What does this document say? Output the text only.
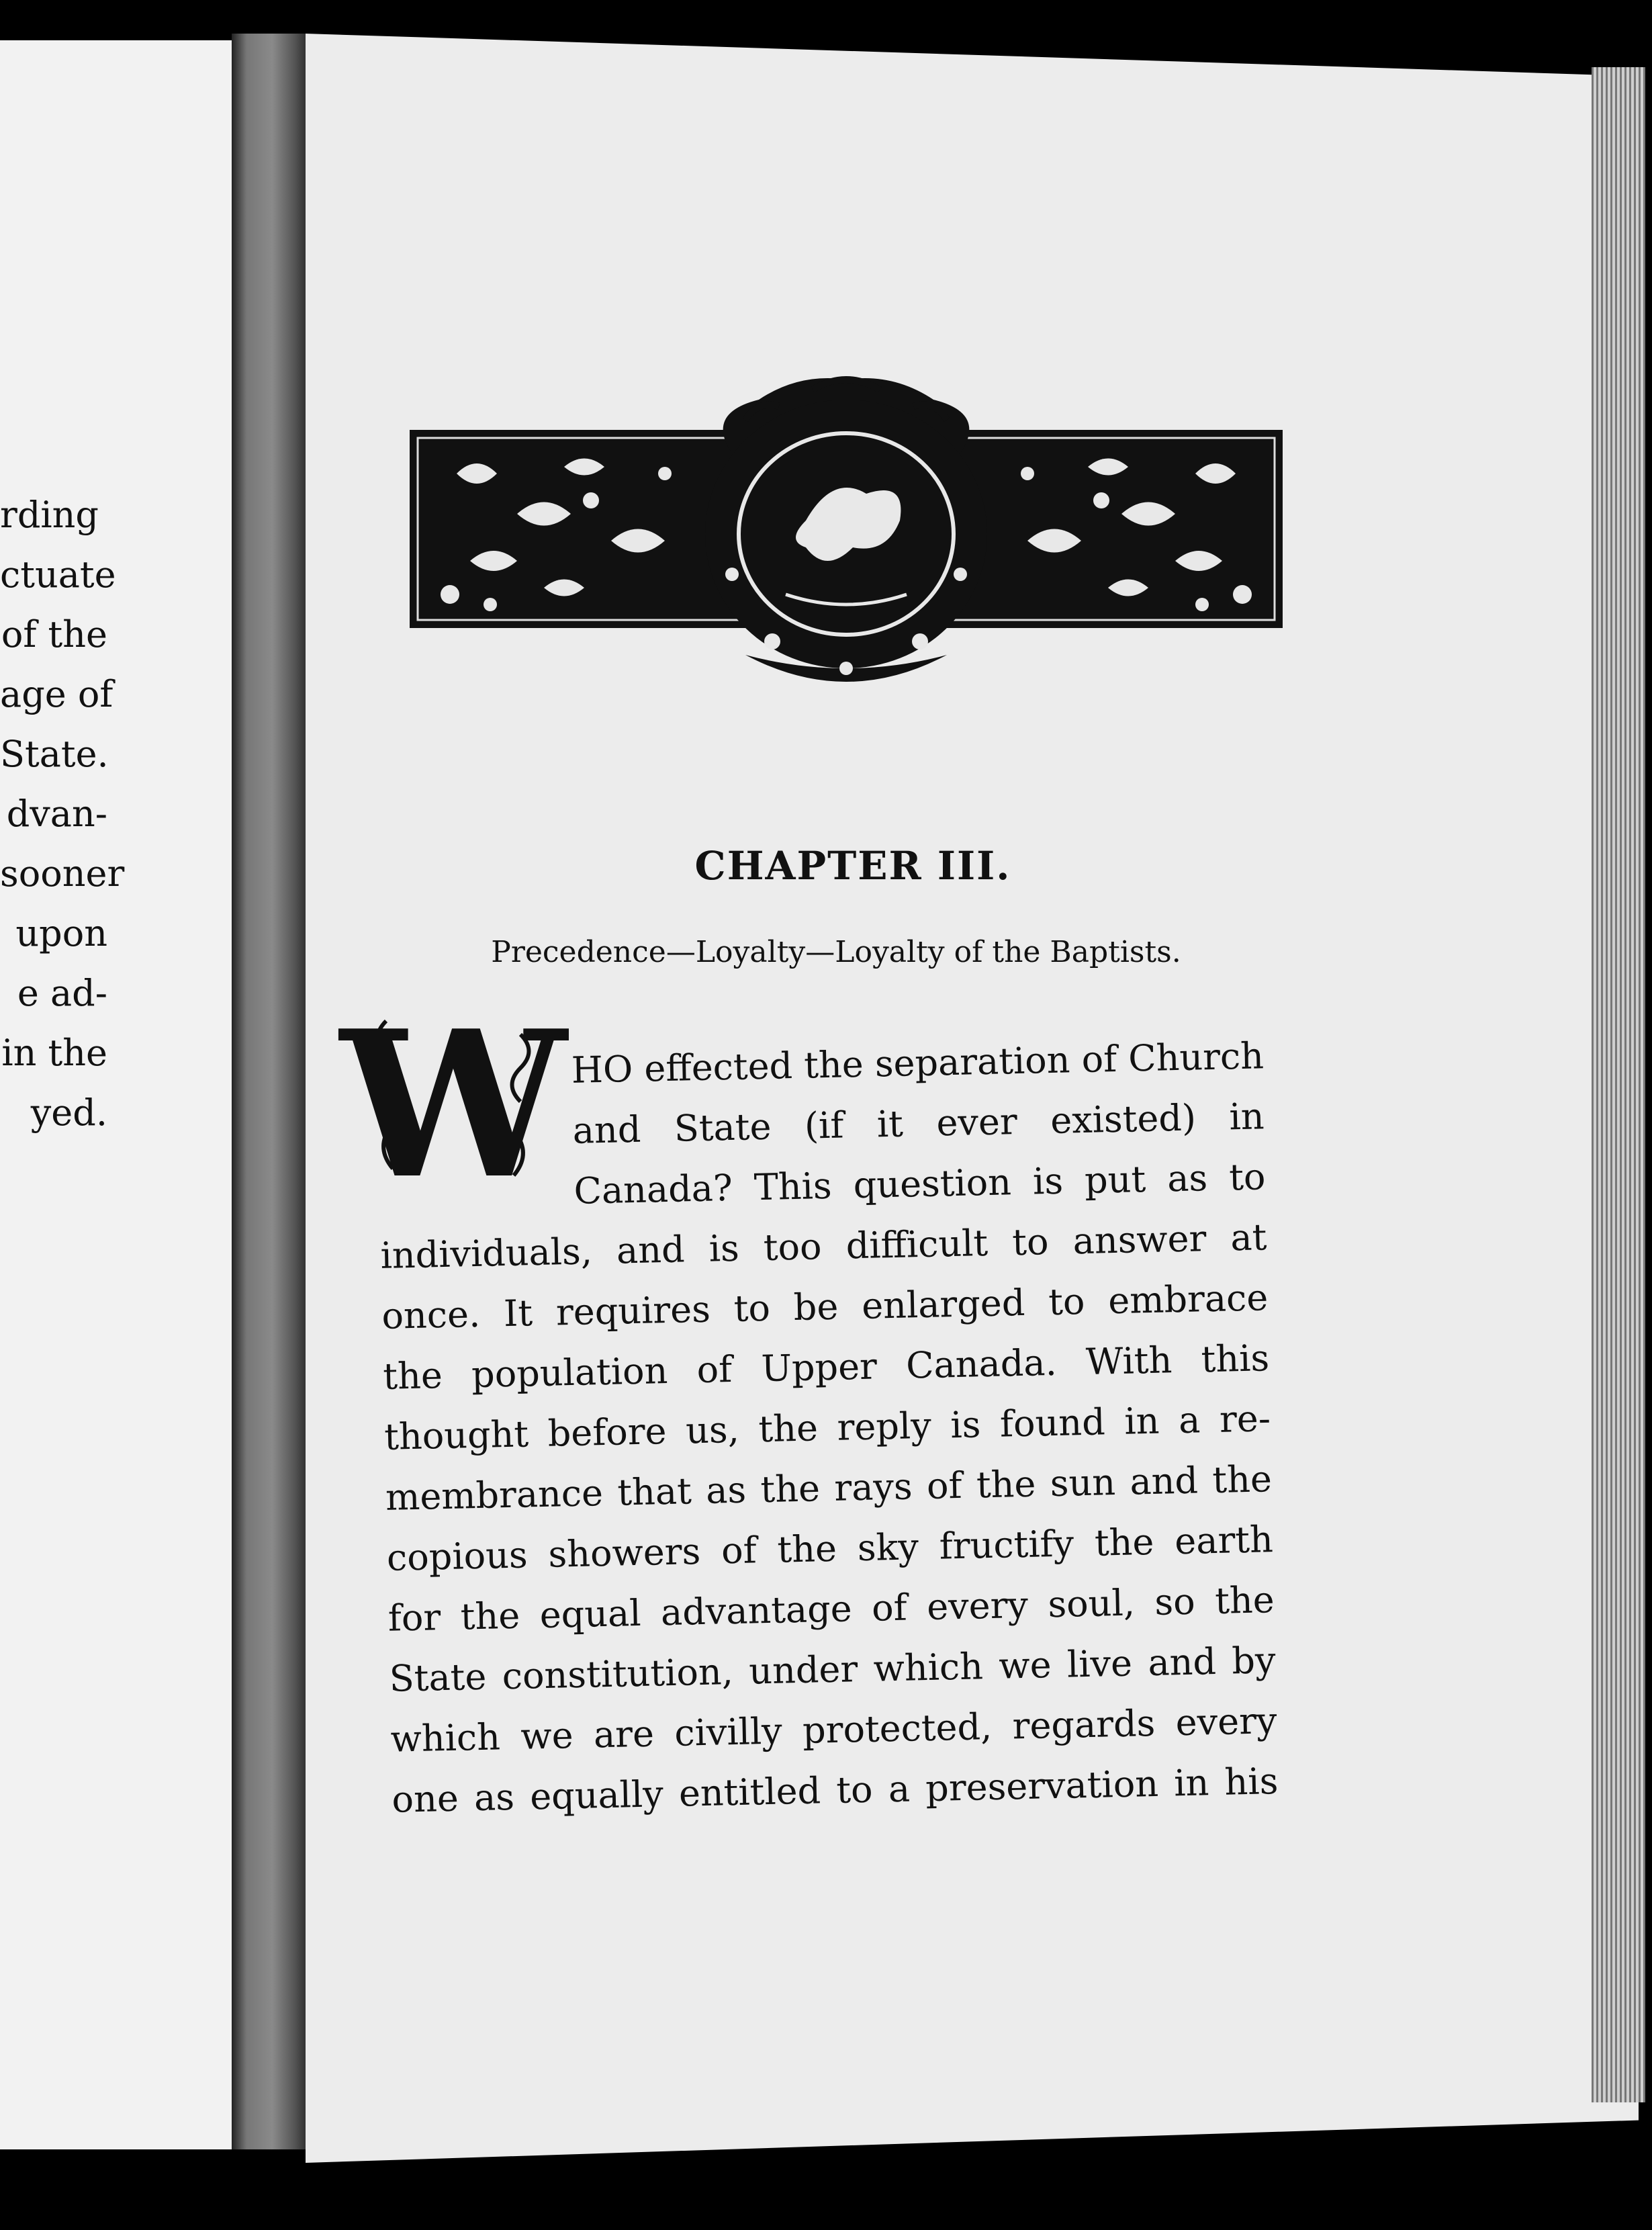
rding
ctuate
of the
age of
State.
dvan-
sooner
upon
e ad-
in the
yed.
CHAPTER III.
Precedence—Loyalty—Loyalty of the Baptists.
W HO effected the separation of Church
and State (if it ever existed) in
Canada? This question is put as to
individuals, and is too difficult to answer at
once. It requires to be enlarged to embrace
the population of Upper Canada. With this
thought before us, the reply is found in a re-
membrance that as the rays of the sun and the
copious showers of the sky fructify the earth
for the equal advantage of every soul, so the
State constitution, under which we live and by
which we are civilly protected, regards every
one as equally entitled to a preservation in his
